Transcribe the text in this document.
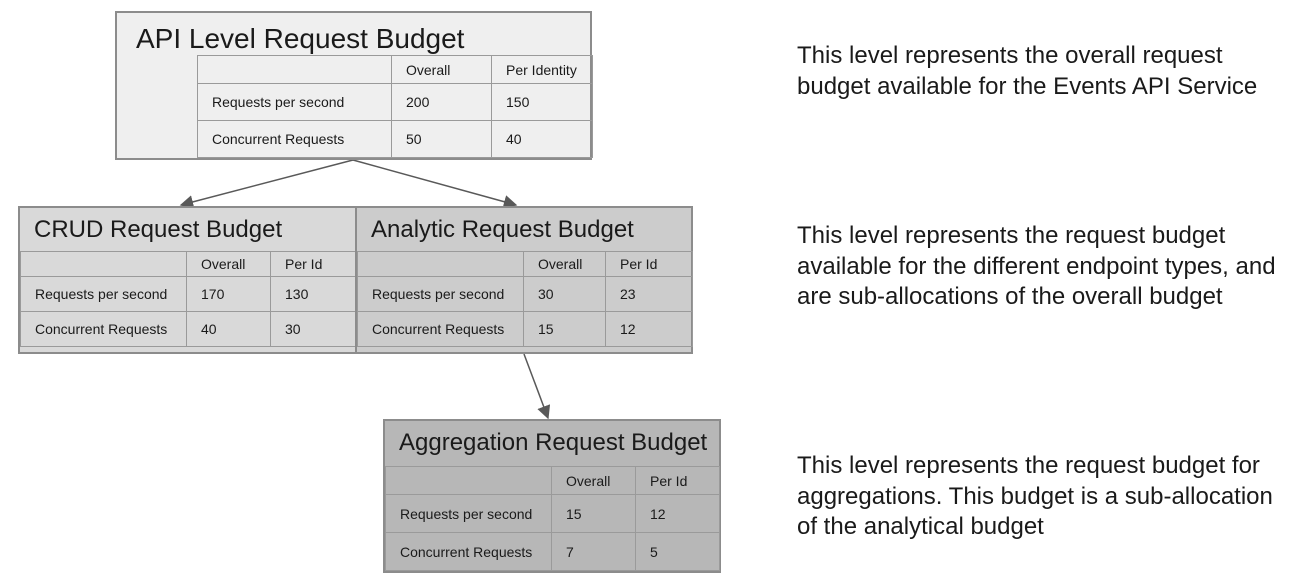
API Level Request Budget
	Overall	Per Identity
Requests per second	200	150
Concurrent Requests	50	40
CRUD Request Budget
	Overall	Per Id
Requests per second	170	130
Concurrent Requests	40	30
Analytic Request Budget
	Overall	Per Id
Requests per second	30	23
Concurrent Requests	15	12
Aggregation Request Budget
	Overall	Per Id
Requests per second	15	12
Concurrent Requests	7	5
This level represents the overall request budget available for the Events API Service
This level represents the request budget available for the different endpoint types, and are sub-allocations of the overall budget
This level represents the request budget for aggregations. This budget is a sub-allocation of the analytical budget
